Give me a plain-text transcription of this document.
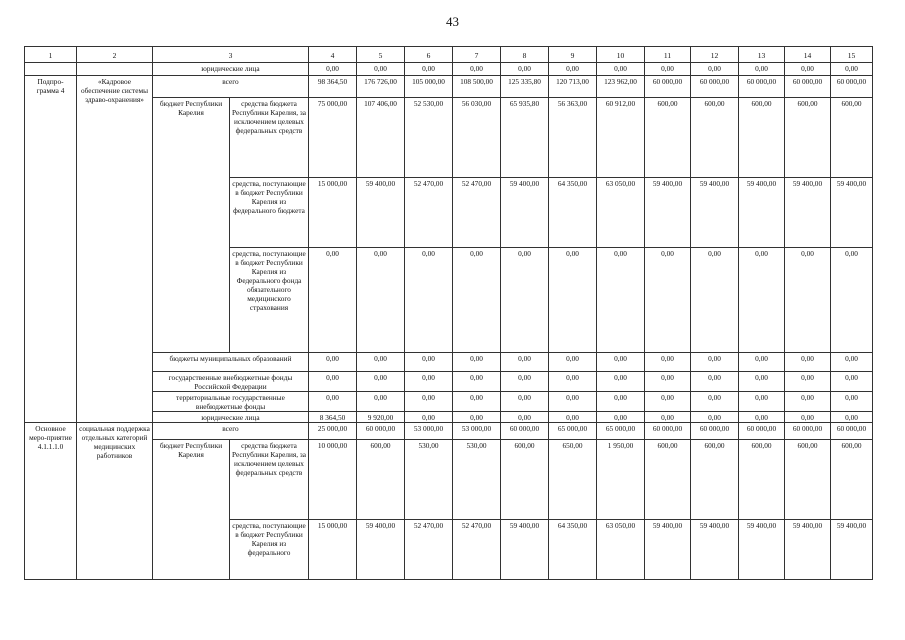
43
1	2	3		4	5	6	7	8	9	10	11	12	13	14	15
		юридические лица		0,00	0,00	0,00	0,00	0,00	0,00	0,00	0,00	0,00	0,00	0,00	0,00
Подпро-грамма 4	«Кадровое обеспечение системы здраво-охранения»	всего		98 364,50	176 726,00	105 000,00	108 500,00	125 335,80	120 713,00	123 962,00	60 000,00	60 000,00	60 000,00	60 000,00	60 000,00
		бюджет Республики Карелия	средства бюджета Республики Карелия, за исключением целевых федеральных средств	75 000,00	107 406,00	52 530,00	56 030,00	65 935,80	56 363,00	60 912,00	600,00	600,00	600,00	600,00	600,00
			средства, поступающие в бюджет Республики Карелия из федерального бюджета	15 000,00	59 400,00	52 470,00	52 470,00	59 400,00	64 350,00	63 050,00	59 400,00	59 400,00	59 400,00	59 400,00	59 400,00
			средства, поступающие в бюджет Республики Карелия из Федерального фонда обязательного медицинского страхования	0,00	0,00	0,00	0,00	0,00	0,00	0,00	0,00	0,00	0,00	0,00	0,00
		бюджеты муниципальных образований		0,00	0,00	0,00	0,00	0,00	0,00	0,00	0,00	0,00	0,00	0,00	0,00
		государственные внебюджетные фонды Российской Федерации		0,00	0,00	0,00	0,00	0,00	0,00	0,00	0,00	0,00	0,00	0,00	0,00
		территориальные государственные внебюджетные фонды		0,00	0,00	0,00	0,00	0,00	0,00	0,00	0,00	0,00	0,00	0,00	0,00
		юридические лица		8 364,50	9 920,00	0,00	0,00	0,00	0,00	0,00	0,00	0,00	0,00	0,00	0,00
Основное меро-приятие 4.1.1.1.0	социальная поддержка отдельных категорий медицинских работников	всего		25 000,00	60 000,00	53 000,00	53 000,00	60 000,00	65 000,00	65 000,00	60 000,00	60 000,00	60 000,00	60 000,00	60 000,00
		бюджет Республики Карелия	средства бюджета Республики Карелия, за исключением целевых федеральных средств	10 000,00	600,00	530,00	530,00	600,00	650,00	1 950,00	600,00	600,00	600,00	600,00	600,00
			средства, поступающие в бюджет Республики Карелия из федерального	15 000,00	59 400,00	52 470,00	52 470,00	59 400,00	64 350,00	63 050,00	59 400,00	59 400,00	59 400,00	59 400,00	59 400,00
